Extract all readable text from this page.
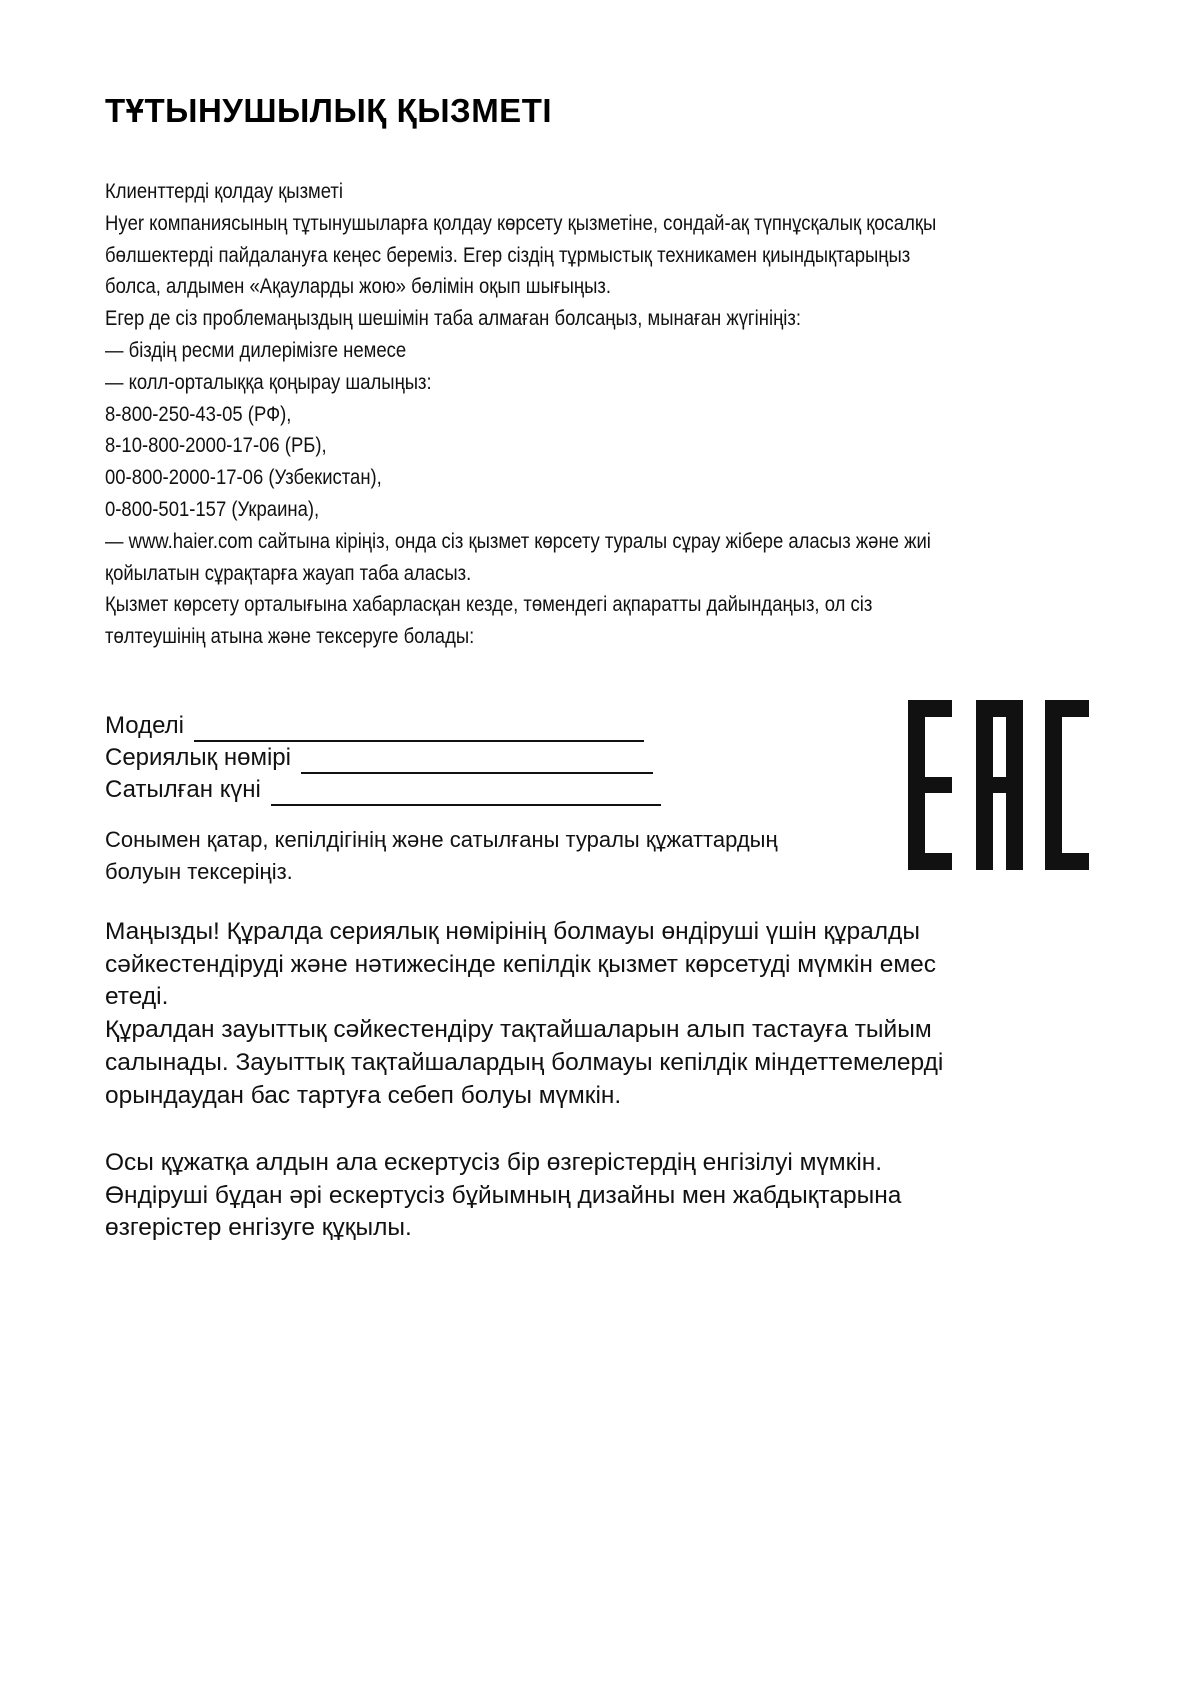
ТҰТЫНУШЫЛЫҚ ҚЫЗМЕТІ
Клиенттерді қолдау қызметі
Нуer компаниясының тұтынушыларға қолдау көрсету қызметіне, сондай-ақ түпнұсқалық қосалқы
бөлшектерді пайдалануға кеңес береміз. Егер сіздің тұрмыстық техникамен қиындықтарыңыз
болса, алдымен «Ақауларды жою» бөлімін оқып шығыңыз.
Егер де сіз проблемаңыздың шешімін таба алмаған болсаңыз, мынаған жүгініңіз:
— біздің ресми дилерімізге немесе
— колл-орталыққа қоңырау шалыңыз:
8-800-250-43-05 (РФ),
8-10-800-2000-17-06 (РБ),
00-800-2000-17-06 (Узбекистан),
0-800-501-157 (Украина),
— www.haier.com сайтына кіріңіз, онда сіз қызмет көрсету туралы сұрау жібере аласыз және жиі
қойылатын сұрақтарға жауап таба аласыз.
Қызмет көрсету орталығына хабарласқан кезде, төмендегі ақпаратты дайындаңыз, ол сіз
төлтеушінің атына және тексеруге болады:
Моделі
Сериялық нөмірі
Сатылған күні
Сонымен қатар, кепілдігінің және сатылғаны туралы құжаттардың
болуын тексеріңіз.
Маңызды! Құралда сериялық нөмірінің болмауы өндіруші үшін құралды
сәйкестендіруді және нәтижесінде кепілдік қызмет көрсетуді мүмкін емес
етеді.
Құралдан зауыттық сәйкестендіру тақтайшаларын алып тастауға тыйым
салынады. Зауыттық тақтайшалардың болмауы кепілдік міндеттемелерді
орындаудан бас тартуға себеп болуы мүмкін.
Осы құжатқа алдын ала ескертусіз бір өзгерістердің енгізілуі мүмкін.
Өндіруші бұдан әрі ескертусіз бұйымның дизайны мен жабдықтарына
өзгерістер енгізуге құқылы.
